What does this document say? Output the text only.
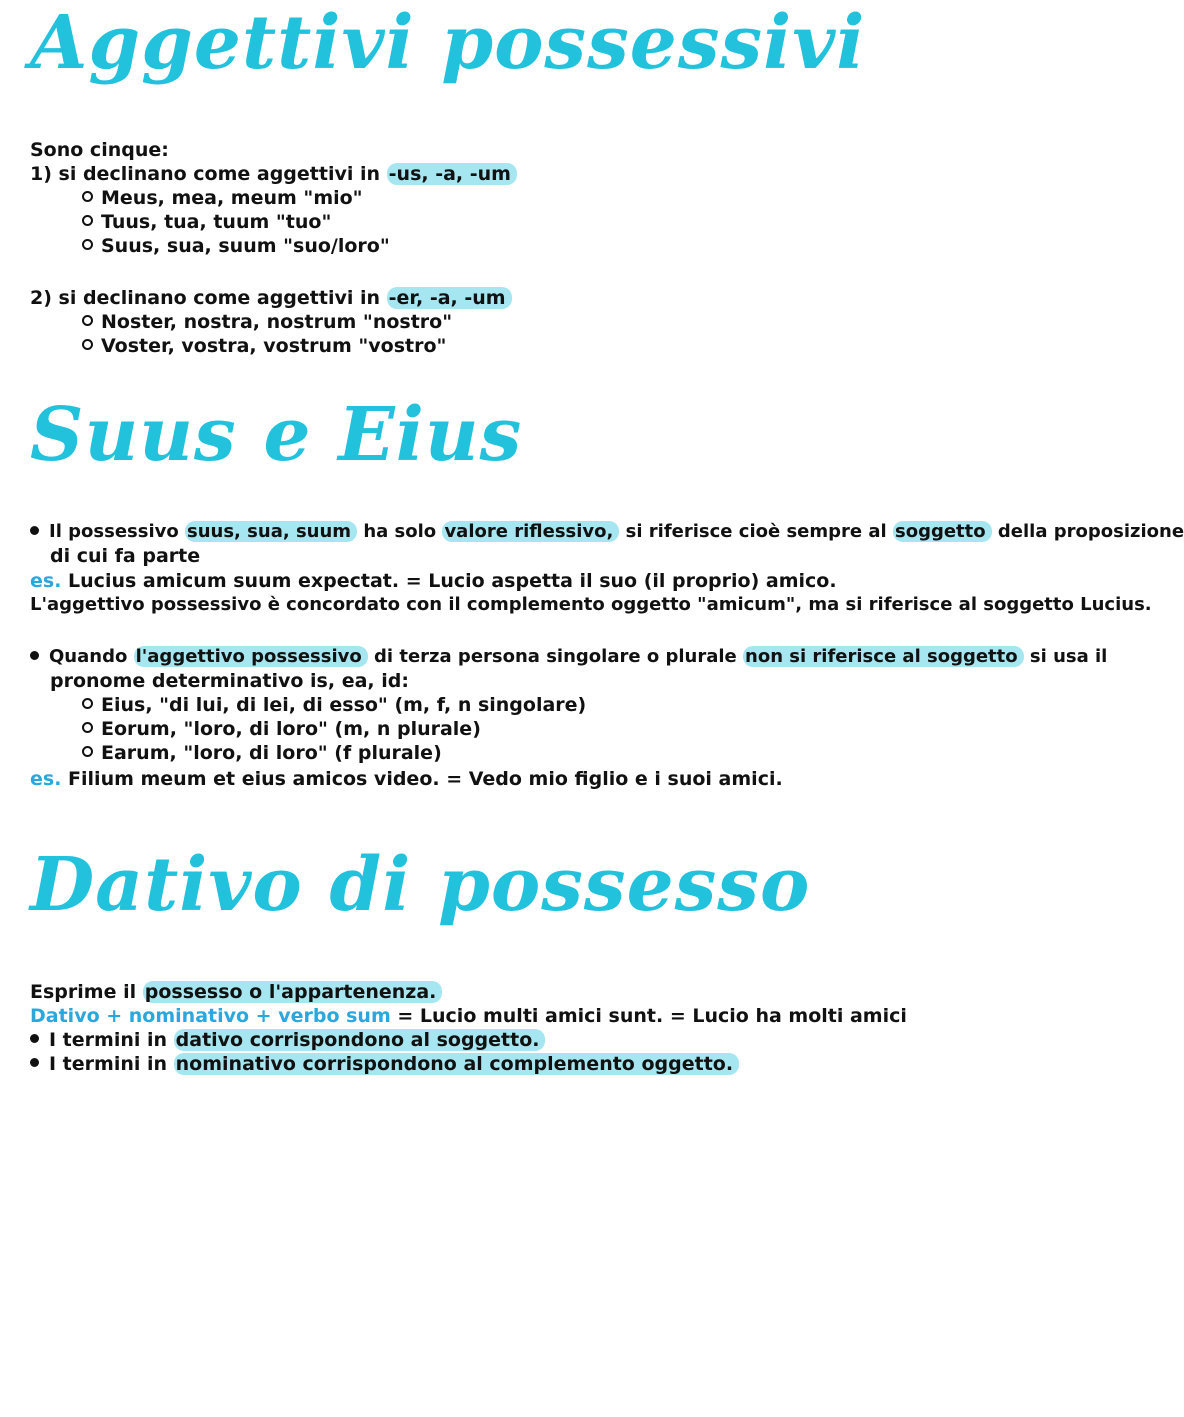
Aggettivi possessivi
Sono cinque:
1) si declinano come aggettivi in -us, -a, -um
Meus, mea, meum "mio"
Tuus, tua, tuum "tuo"
Suus, sua, suum "suo/loro"
2) si declinano come aggettivi in -er, -a, -um
Noster, nostra, nostrum "nostro"
Voster, vostra, vostrum "vostro"
Suus e Eius
Il possessivo suus, sua, suum ha solo valore riflessivo, si riferisce cioè sempre al soggetto della proposizione
di cui fa parte
es. Lucius amicum suum expectat. = Lucio aspetta il suo (il proprio) amico.
L'aggettivo possessivo è concordato con il complemento oggetto "amicum", ma si riferisce al soggetto Lucius.
Quando l'aggettivo possessivo di terza persona singolare o plurale non si riferisce al soggetto si usa il
pronome determinativo is, ea, id:
Eius, "di lui, di lei, di esso" (m, f, n singolare)
Eorum, "loro, di loro" (m, n plurale)
Earum, "loro, di loro" (f plurale)
es. Filium meum et eius amicos video. = Vedo mio figlio e i suoi amici.
Dativo di possesso
Esprime il possesso o l'appartenenza.
Dativo + nominativo + verbo sum = Lucio multi amici sunt. = Lucio ha molti amici
I termini in dativo corrispondono al soggetto.
I termini in nominativo corrispondono al complemento oggetto.
